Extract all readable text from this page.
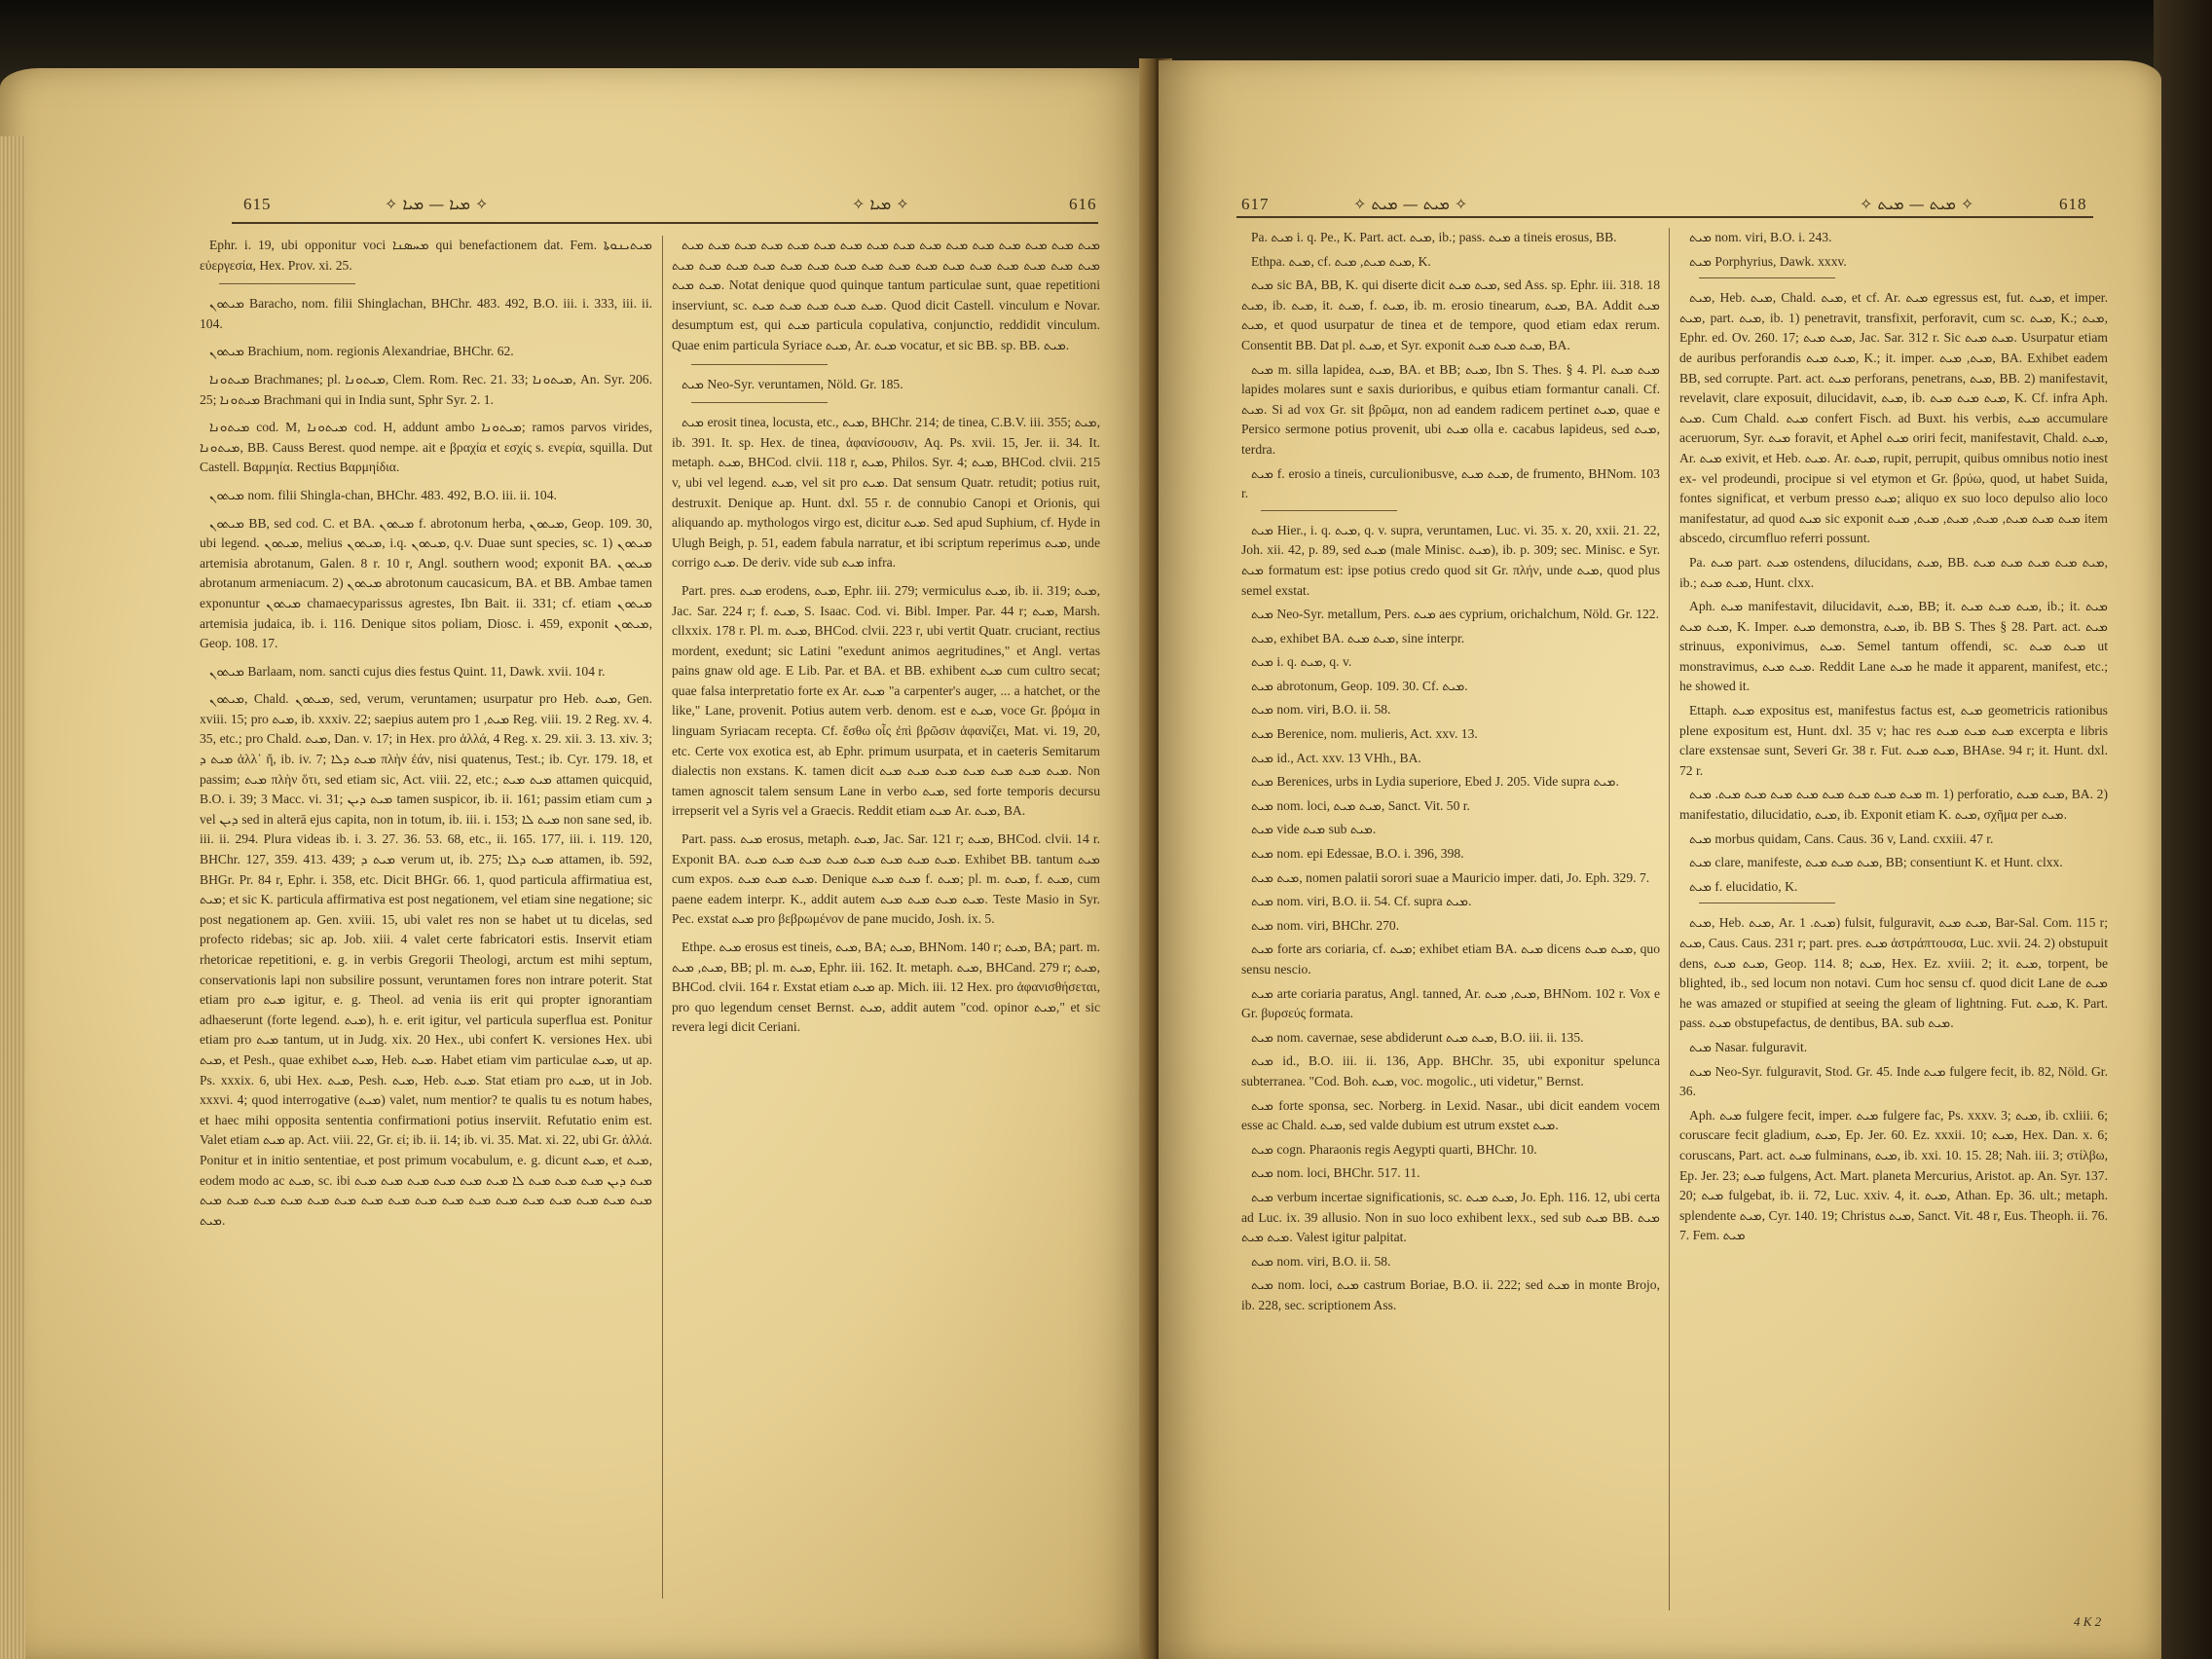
615	✧ ܡܝܐ — ܡܝܐ ✧	✧ ܡܝܐ ✧	616

Ephr. i. 19, ubi opponitur voci ܡܚܣܢܐ qui benefactionem dat. Fem. ܡܝܬܝܢܘܬܐ εὐεργεσία, Hex. Prov. xi. 25.

ܡܝܬܘܢ Baracho, nom. filii Shinglachan, BHChr. 483. 492, B.O. iii. i. 333, iii. ii. 104.

ܡܝܬܘܢ Brachium, nom. regionis Alexandriae, BHChr. 62.

ܡܝܬܘܢܐ Brachmanes; pl. ܡܝܬܘܢܐ, Clem. Rom. Rec. 21. 33; ܡܝܬܘܢܐ, An. Syr. 206. 25; ܡܝܬܘܢܐ Brachmani qui in India sunt, Sphr Syr. 2. 1.

ܡܝܬܘܢܐ cod. M, ܡܝܬܘܢܐ cod. H, addunt ambo ܡܝܬܘܢܐ; ramos parvos virides, ܡܝܬܘܢܐ, BB. Causs Berest. quod nempe. ait e βραχία et εσχίς s. ενερία, squilla. Dut Castell. Βαρμηία. Rectius Βαρμηίδια.

ܡܝܬܘܢ nom. filii Shingla-chan, BHChr. 483. 492, B.O. iii. ii. 104.

ܡܝܬܘܢ BB, sed cod. C. et BA. ܡܝܬܘܢ f. abrotonum herba, ܡܝܬܘܢ, Geop. 109. 30, ubi legend. ܡܝܬܘܢ, melius ܡܝܬܘܢ, i.q. ܡܝܬܘܢ, q.v. Duae sunt species, sc. 1) ܡܝܬܘܢ artemisia abrotanum, Galen. 8 r. 10 r, Angl. southern wood; exponit BA. ܡܝܬܘܢ abrotanum armeniacum. 2) ܡܝܬܘܢ abrotonum caucasicum, BA. et BB. Ambae tamen exponuntur ܡܝܬܘܢ chamaecyparissus agrestes, Ibn Bait. ii. 331; cf. etiam ܡܝܬܘܢ artemisia judaica, ib. i. 116. Denique sitos poliam, Diosc. i. 459, exponit ܡܝܬܘܢ, Geop. 108. 17.

ܡܝܬܘܢ Barlaam, nom. sancti cujus dies festus Quint. 11, Dawk. xvii. 104 r.

ܡܝܬܘܢ, Chald. ܡܝܬܘܢ, sed, verum, veruntamen; usurpatur pro Heb. ܡܝܬ, Gen. xviii. 15; pro ܡܝܬ, ib. xxxiv. 22; saepius autem pro ܡܝܬ, 1 Reg. viii. 19. 2 Reg. xv. 4. 35, etc.; pro Chald. ܡܝܬ, Dan. v. 17; in Hex. pro ἀλλά, 4 Reg. x. 29. xii. 3. 13. xiv. 3; ܡܝܬ ܕ ἀλλ᾽ ἤ, ib. iv. 7; ܡܝܬ ܕܠܐ πλὴν ἐάν, nisi quatenus, Test.; ib. Cyr. 179. 18, et passim; ܡܝܬ πλὴν ὅτι, sed etiam sic, Act. viii. 22, etc.; ܡܝܬ ܡܝܬ attamen quicquid, B.O. i. 39; 3 Macc. vi. 31; ܡܝܬ ܕܝܢ tamen suspicor, ib. ii. 161; passim etiam cum ܕ vel ܕܝܢ sed in alterā ejus capita, non in totum, ib. iii. i. 153; ܡܝܬ ܠܐ non sane sed, ib. iii. ii. 294. Plura videas ib. i. 3. 27. 36. 53. 68, etc., ii. 165. 177, iii. i. 119. 120, BHChr. 127, 359. 413. 439; ܡܝܬ ܕ verum ut, ib. 275; ܡܝܬ ܕܠܐ attamen, ib. 592, BHGr. Pr. 84 r, Ephr. i. 358, etc. Dicit BHGr. 66. 1, quod particula affirmatiua est, ܡܝܬ; et sic K. particula affirmativa est post negationem, vel etiam sine negatione; sic post negationem ap. Gen. xviii. 15, ubi valet res non se habet ut tu dicelas, sed profecto ridebas; sic ap. Job. xiii. 4 valet certe fabricatori estis. Inservit etiam rhetoricae repetitioni, e. g. in verbis Gregorii Theologi, arctum est mihi septum, conservationis lapi non subsilire possunt, veruntamen fores non intrare poterit. Stat etiam pro ܡܝܬ igitur, e. g. Theol. ad venia iis erit qui propter ignorantiam adhaeserunt (forte legend. ܡܝܬ), h. e. erit igitur, vel particula superflua est. Ponitur etiam pro ܡܝܬ tantum, ut in Judg. xix. 20 Hex., ubi confert K. versiones Hex. ubi ܡܝܬ, et Pesh., quae exhibet ܡܝܬ, Heb. ܡܝܬ. Habet etiam vim particulae ܡܝܬ, ut ap. Ps. xxxix. 6, ubi Hex. ܡܝܬ, Pesh. ܡܝܬ, Heb. ܡܝܬ. Stat etiam pro ܡܝܬ, ut in Job. xxxvi. 4; quod interrogative (ܡܝܬ) valet, num mentior? te qualis tu es notum habes, et haec mihi opposita sententia confirmationi potius inserviit. Refutatio enim est. Valet etiam ܡܝܬ ap. Act. viii. 22, Gr. εἰ; ib. ii. 14; ib. vi. 35. Mat. xi. 22, ubi Gr. ἀλλά. Ponitur et in initio sententiae, et post primum vocabulum, e. g. dicunt ܡܝܬ, et ܡܝܬ, eodem modo ac ܡܝܬ, sc. ibi ܡܝܬ ܕܝܢ ܡܝܬ ܡܝܬ ܡܝܬ ܠܐ ܡܝܬ ܡܝܬ ܡܝܬ ܡܝܬ ܡܝܬ ܡܝܬ ܡܝܬ ܡܝܬ ܡܝܬ ܡܝܬ ܡܝܬ ܡܝܬ ܡܝܬ ܡܝܬ ܡܝܬ ܡܝܬ ܡܝܬ ܡܝܬ ܡܝܬ ܡܝܬ ܡܝܬ ܡܝܬ ܡܝܬ ܡܝܬ.

ܡܝܬ ܡܝܬ ܡܝܬ ܡܝܬ ܡܝܬ ܡܝܬ ܡܝܬ ܡܝܬ ܡܝܬ ܡܝܬ ܡܝܬ ܡܝܬ ܡܝܬ ܡܝܬ ܡܝܬ ܡܝܬ ܡܝܬ ܡܝܬ ܡܝܬ ܡܝܬ ܡܝܬ ܡܝܬ ܡܝܬ ܡܝܬ ܡܝܬ ܡܝܬ ܡܝܬ ܡܝܬ ܡܝܬ ܡܝܬ ܡܝܬ ܡܝܬ ܡܝܬ ܡܝܬ. Notat denique quod quinque tantum particulae sunt, quae repetitioni inserviunt, sc. ܡܝܬ ܡܝܬ ܡܝܬ ܡܝܬ ܡܝܬ. Quod dicit Castell. vinculum e Novar. desumptum est, qui ܡܝܬ particula copulativa, conjunctio, reddidit vinculum. Quae enim particula Syriace ܡܝܬ, Ar. ܡܝܬ vocatur, et sic BB. sp. BB. ܡܝܬ.

ܡܝܬ Neo-Syr. veruntamen, Nöld. Gr. 185.

ܡܝܬ erosit tinea, locusta, etc., ܡܝܬ, BHChr. 214; de tinea, C.B.V. iii. 355; ܡܝܬ, ib. 391. It. sp. Hex. de tinea, ἀφανίσουσιν, Aq. Ps. xvii. 15, Jer. ii. 34. It. metaph. ܡܝܬ, BHCod. clvii. 118 r, ܡܝܬ, Philos. Syr. 4; ܡܝܬ, BHCod. clvii. 215 v, ubi vel legend. ܡܝܬ, vel sit pro ܡܝܬ. Dat sensum Quatr. retudit; potius ruit, destruxit. Denique ap. Hunt. dxl. 55 r. de connubio Canopi et Orionis, qui aliquando ap. mythologos virgo est, dicitur ܡܝܬ. Sed apud Suphium, cf. Hyde in Ulugh Beigh, p. 51, eadem fabula narratur, et ibi scriptum reperimus ܡܝܬ, unde corrigo ܡܝܬ. De deriv. vide sub ܡܝܬ infra.

Part. pres. ܡܝܬ erodens, ܡܝܬ, Ephr. iii. 279; vermiculus ܡܝܬ, ib. ii. 319; ܡܝܬ, Jac. Sar. 224 r; f. ܡܝܬ, S. Isaac. Cod. vi. Bibl. Imper. Par. 44 r; ܡܝܬ, Marsh. cllxxix. 178 r. Pl. m. ܡܝܬ, BHCod. clvii. 223 r, ubi vertit Quatr. cruciant, rectius mordent, exedunt; sic Latini "exedunt animos aegritudines," et Angl. vertas pains gnaw old age. E Lib. Par. et BA. et BB. exhibent ܡܝܬ cum cultro secat; quae falsa interpretatio forte ex Ar. ܡܝܬ "a carpenter's auger, ... a hatchet, or the like," Lane, provenit. Potius autem verb. denom. est e ܡܝܬ, voce Gr. βρόμα in linguam Syriacam recepta. Cf. ἔσθω οἷς ἐπὶ βρῶσιν ἀφανίζει, Mat. vi. 19, 20, etc. Certe vox exotica est, ab Ephr. primum usurpata, et in caeteris Semitarum dialectis non exstans. K. tamen dicit ܡܝܬ ܡܝܬ ܡܝܬ ܡܝܬ ܡܝܬ ܡܝܬ ܡܝܬ. Non tamen agnoscit talem sensum Lane in verbo ܡܝܬ, sed forte temporis decursu irrepserit vel a Syris vel a Graecis. Reddit etiam ܡܝܬ Ar. ܡܝܬ, BA.

Part. pass. ܡܝܬ erosus, metaph. ܡܝܬ, Jac. Sar. 121 r; ܡܝܬ, BHCod. clvii. 14 r. Exponit BA. ܡܝܬ ܡܝܬ ܡܝܬ ܡܝܬ ܡܝܬ ܡܝܬ ܡܝܬ ܡܝܬ. Exhibet BB. tantum ܡܝܬ cum expos. ܡܝܬ ܡܝܬ ܡܝܬ. Denique ܡܝܬ ܡܝܬ f. ܡܝܬ; pl. m. ܡܝܬ, f. ܡܝܬ, cum paene eadem interpr. K., addit autem ܡܝܬ ܡܝܬ ܡܝܬ ܡܝܬ. Teste Masio in Syr. Pec. exstat ܡܝܬ pro βεβρωμένον de pane mucido, Josh. ix. 5.

Ethpe. ܡܝܬ erosus est tineis, ܡܝܬ, BA; ܡܝܬ, BHNom. 140 r; ܡܝܬ, BA; part. m. ܡܝܬ, ܡܝܬ, BB; pl. m. ܡܝܬ, Ephr. iii. 162. It. metaph. ܡܝܬ, BHCand. 279 r; ܡܝܬ, BHCod. clvii. 164 r. Exstat etiam ܡܝܬ ap. Mich. iii. 12 Hex. pro ἀφανισθήσεται, pro quo legendum censet Bernst. ܡܝܬ, addit autem "cod. opinor ܡܝܬ," et sic revera legi dicit Ceriani.

617	✧ ܡܝܬ — ܡܝܬ ✧	✧ ܡܝܬ — ܡܝܬ ✧	618

Pa. ܡܝܬ i. q. Pe., K. Part. act. ܡܝܬ, ib.; pass. ܡܝܬ a tineis erosus, BB.

Ethpa. ܡܝܬ, cf. ܡܝܬ ܡܝܬ, ܡܝܬ, K.

ܡܝܬ sic BA, BB, K. qui diserte dicit ܡܝܬ ܡܝܬ, sed Ass. sp. Ephr. iii. 318. 18 ܡܝܬ, ib. ܡܝܬ, it. ܡܝܬ, f. ܡܝܬ, ib. m. erosio tinearum, ܡܝܬ, BA. Addit ܡܝܬ ܡܝܬ, et quod usurpatur de tinea et de tempore, quod etiam edax rerum. Consentit BB. Dat pl. ܡܝܬ, et Syr. exponit ܡܝܬ ܡܝܬ ܡܝܬ, BA.

ܡܝܬ m. silla lapidea, ܡܝܬ, BA. et BB; ܡܝܬ, Ibn S. Thes. § 4. Pl. ܡܝܬ ܡܝܬ lapides molares sunt e saxis durioribus, e quibus etiam formantur canali. Cf. ܡܝܬ. Si ad vox Gr. sit βρῶμα, non ad eandem radicem pertinet ܡܝܬ, quae e Persico sermone potius provenit, ubi ܡܝܬ olla e. cacabus lapideus, sed ܡܝܬ, terdra.

ܡܝܬ f. erosio a tineis, curculionibusve, ܡܝܬ ܡܝܬ, de frumento, BHNom. 103 r.

ܡܝܬ Hier., i. q. ܡܝܬ, q. v. supra, veruntamen, Luc. vi. 35. x. 20, xxii. 21. 22, Joh. xii. 42, p. 89, sed ܡܝܬ (male Minisc. ܡܝܬ), ib. p. 309; sec. Minisc. e Syr. ܡܝܬ formatum est: ipse potius credo quod sit Gr. πλήν, unde ܡܝܬ, quod plus semel exstat.

ܡܝܬ Neo-Syr. metallum, Pers. ܡܝܬ aes cyprium, orichalchum, Nöld. Gr. 122.

ܡܝܬ, exhibet BA. ܡܝܬ ܡܝܬ, sine interpr.

ܡܝܬ i. q. ܡܝܬ, q. v.

ܡܝܬ abrotonum, Geop. 109. 30. Cf. ܡܝܬ.

ܡܝܬ nom. viri, B.O. ii. 58.

ܡܝܬ Berenice, nom. mulieris, Act. xxv. 13.

ܡܝܬ id., Act. xxv. 13 VHh., BA.

ܡܝܬ Berenices, urbs in Lydia superiore, Ebed J. 205. Vide supra ܡܝܬ.

ܡܝܬ nom. loci, ܡܝܬ ܡܝܬ, Sanct. Vit. 50 r.

ܡܝܬ vide ܡܝܬ sub ܡܝܬ.

ܡܝܬ nom. epi Edessae, B.O. i. 396, 398.

ܡܝܬ ܡܝܬ, nomen palatii sorori suae a Mauricio imper. dati, Jo. Eph. 329. 7.

ܡܝܬ nom. viri, B.O. ii. 54. Cf. supra ܡܝܬ.

ܡܝܬ nom. viri, BHChr. 270.

ܡܝܬ forte ars coriaria, cf. ܡܝܬ; exhibet etiam BA. ܡܝܬ dicens ܡܝܬ ܡܝܬ, quo sensu nescio.

ܡܝܬ arte coriaria paratus, Angl. tanned, Ar. ܡܝܬ, ܡܝܬ, BHNom. 102 r. Vox e Gr. βυρσεύς formata.

ܡܝܬ nom. cavernae, sese abdiderunt ܡܝܬ ܡܝܬ, B.O. iii. ii. 135.

ܡܝܬ id., B.O. iii. ii. 136, App. BHChr. 35, ubi exponitur spelunca subterranea. "Cod. Boh. ܡܝܬ, voc. mogolic., uti videtur," Bernst.

ܡܝܬ forte sponsa, sec. Norberg. in Lexid. Nasar., ubi dicit eandem vocem esse ac Chald. ܡܝܬ, sed valde dubium est utrum exstet ܡܝܬ.

ܡܝܬ cogn. Pharaonis regis Aegypti quarti, BHChr. 10.

ܡܝܬ nom. loci, BHChr. 517. 11.

ܡܝܬ verbum incertae significationis, sc. ܡܝܬ ܡܝܬ, Jo. Eph. 116. 12, ubi certa ad Luc. ix. 39 allusio. Non in suo loco exhibent lexx., sed sub ܡܝܬ BB. ܡܝܬ ܡܝܬ ܡܝܬ. Valest igitur palpitat.

ܡܝܬ nom. viri, B.O. ii. 58.

ܡܝܬ nom. loci, ܡܝܬ castrum Boriae, B.O. ii. 222; sed ܡܝܬ in monte Brojo, ib. 228, sec. scriptionem Ass.

ܡܝܬ nom. viri, B.O. i. 243.

ܡܝܬ Porphyrius, Dawk. xxxv.

ܡܝܬ, Heb. ܡܝܬ, Chald. ܡܝܬ, et cf. Ar. ܡܝܬ egressus est, fut. ܡܝܬ, et imper. ܡܝܬ, part. ܡܝܬ, ib. 1) penetravit, transfixit, perforavit, cum sc. ܡܝܬ, K.; ܡܝܬ, Ephr. ed. Ov. 260. 17; ܡܝܬ ܡܝܬ, Jac. Sar. 312 r. Sic ܡܝܬ ܡܝܬ. Usurpatur etiam de auribus perforandis ܡܝܬ ܡܝܬ, K.; it. imper. ܡܝܬ, ܡܝܬ, BA. Exhibet eadem BB, sed corrupte. Part. act. ܡܝܬ perforans, penetrans, ܡܝܬ, BB. 2) manifestavit, revelavit, clare exposuit, dilucidavit, ܡܝܬ, ib. ܡܝܬ ܡܝܬ ܡܝܬ, K. Cf. infra Aph. ܡܝܬ. Cum Chald. ܡܝܬ confert Fisch. ad Buxt. his verbis, ܡܝܬ accumulare aceruorum, Syr. ܡܝܬ foravit, et Aphel ܡܝܬ oriri fecit, manifestavit, Chald. ܡܝܬ, Ar. ܡܝܬ exivit, et Heb. ܡܝܬ. Ar. ܡܝܬ, rupit, perrupit, quibus omnibus notio inest ex- vel prodeundi, procipue si vel etymon et Gr. βρύω, quod, ut habet Suida, fontes significat, et verbum presso ܡܝܬ; aliquo ex suo loco depulso alio loco manifestatur, ad quod ܡܝܬ sic exponit ܡܝܬ ܡܝܬ ܡܝܬ, ܡܝܬ, ܡܝܬ, ܡܝܬ, ܡܝܬ item abscedo, circumfluo referri possunt.

Pa. ܡܝܬ part. ܡܝܬ ostendens, dilucidans, ܡܝܬ, BB. ܡܝܬ ܡܝܬ ܡܝܬ ܡܝܬ ܡܝܬ, ib.; ܡܝܬ ܡܝܬ, Hunt. clxx.

Aph. ܡܝܬ manifestavit, dilucidavit, ܡܝܬ, BB; it. ܡܝܬ ܡܝܬ ܡܝܬ, ib.; it. ܡܝܬ ܡܝܬ ܡܝܬ, K. Imper. ܡܝܬ demonstra, ܡܝܬ, ib. BB S. Thes § 28. Part. act. ܡܝܬ strinuus, exponivimus, ܡܝܬ. Semel tantum offendi, sc. ܡܝܬ ܡܝܬ ut monstravimus, ܡܝܬ ܡܝܬ. Reddit Lane ܡܝܬ he made it apparent, manifest, etc.; he showed it.

Ettaph. ܡܝܬ expositus est, manifestus factus est, ܡܝܬ geometricis rationibus plene expositum est, Hunt. dxl. 35 v; hac res ܡܝܬ ܡܝܬ ܡܝܬ excerpta e libris clare exstensae sunt, Severi Gr. 38 r. Fut. ܡܝܬ ܡܝܬ, BHAse. 94 r; it. Hunt. dxl. 72 r.

ܡܝܬ ܡܝܬ ܡܝܬ ܡܝܬ ܡܝܬ ܡܝܬ ܡܝܬ ܡܝܬ. ܡܝܬ m. 1) perforatio, ܡܝܬ ܡܝܬ, BA. 2) manifestatio, dilucidatio, ܡܝܬ, ib. Exponit etiam K. ܡܝܬ, σχῆμα per ܡܝܬ.

ܡܝܬ morbus quidam, Cans. Caus. 36 v, Land. cxxiii. 47 r.

ܡܝܬ clare, manifeste, ܡܝܬ ܡܝܬ ܡܝܬ, BB; consentiunt K. et Hunt. clxx.

ܡܝܬ f. elucidatio, K.

ܡܝܬ, Heb. ܡܝܬ, Ar. ܡܝܬ. 1) fulsit, fulguravit, ܡܝܬ ܡܝܬ, Bar-Sal. Com. 115 r; ܡܝܬ, Caus. Caus. 231 r; part. pres. ܡܝܬ ἀστράπτουσα, Luc. xvii. 24. 2) obstupuit dens, ܡܝܬ ܡܝܬ, Geop. 114. 8; ܡܝܬ, Hex. Ez. xviii. 2; it. ܡܝܬ, torpent, be blighted, ib., sed locum non notavi. Cum hoc sensu cf. quod dicit Lane de ܡܝܬ he was amazed or stupified at seeing the gleam of lightning. Fut. ܡܝܬ, K. Part. pass. ܡܝܬ obstupefactus, de dentibus, BA. sub ܡܝܬ.

ܡܝܬ Nasar. fulguravit.

ܡܝܬ Neo-Syr. fulguravit, Stod. Gr. 45. Inde ܡܝܬ fulgere fecit, ib. 82, Nöld. Gr. 36.

Aph. ܡܝܬ fulgere fecit, imper. ܡܝܬ fulgere fac, Ps. xxxv. 3; ܡܝܬ, ib. cxliii. 6; coruscare fecit gladium, ܡܝܬ, Ep. Jer. 60. Ez. xxxii. 10; ܡܝܬ, Hex. Dan. x. 6; coruscans, Part. act. ܡܝܬ fulminans, ܡܝܬ, ib. xxi. 10. 15. 28; Nah. iii. 3; στίλβω, Ep. Jer. 23; ܡܝܬ fulgens, Act. Mart. planeta Mercurius, Aristot. ap. An. Syr. 137. 20; ܡܝܬ fulgebat, ib. ii. 72, Luc. xxiv. 4, it. ܡܝܬ, Athan. Ep. 36. ult.; metaph. splendente ܡܝܬ, Cyr. 140. 19; Christus ܡܝܬ, Sanct. Vit. 48 r, Eus. Theoph. ii. 76. 7. Fem. ܡܝܬ

4 K 2
